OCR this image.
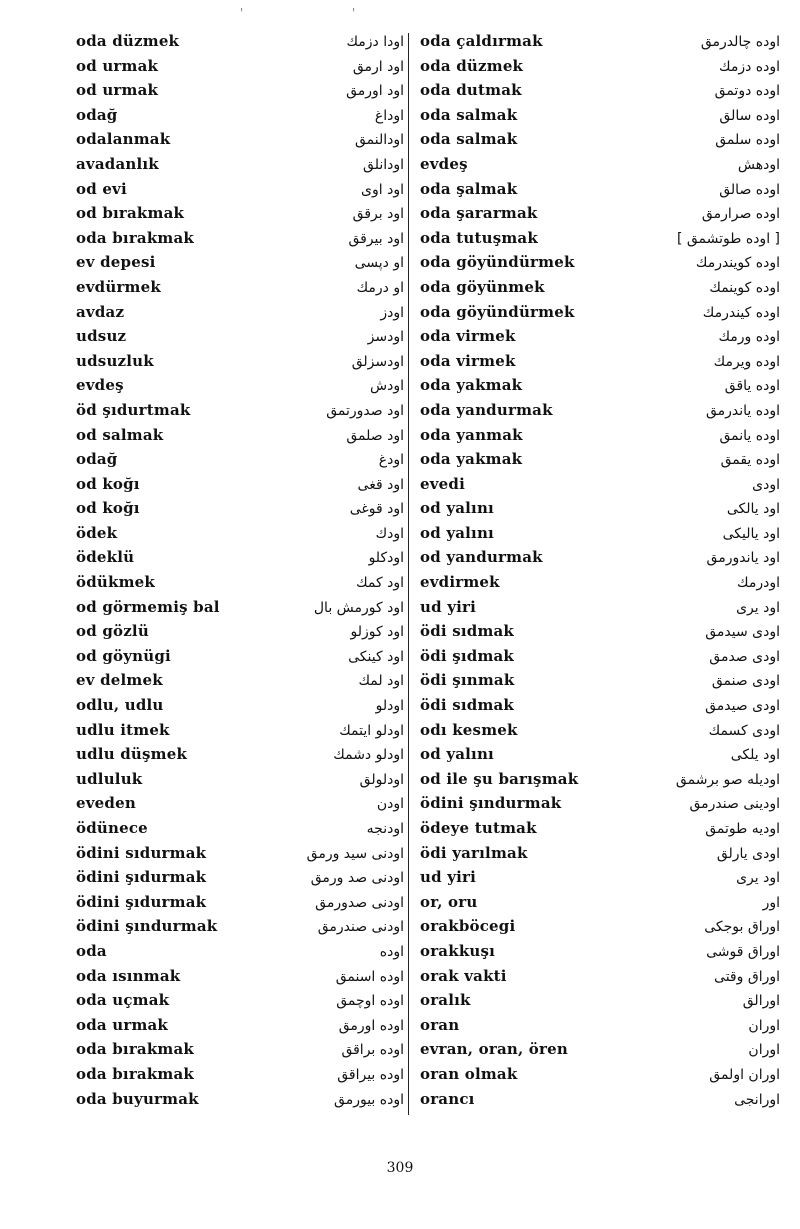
'	'
oda düzmek	اودا دزمك
od urmak	اود ارمق
od urmak	اود اورمق
odağ	اوداغ
odalanmak	اودالنمق
avadanlık	اودانلق
od evi	اود اوى
od bırakmak	اود برقق
oda bırakmak	اود بيرقق
ev depesi	او دپسى
evdürmek	او درمك
avdaz	اودز
udsuz	اودسز
udsuzluk	اودسزلق
evdeş	اودش
öd şıdurtmak	اود صدورتمق
od salmak	اود صلمق
odağ	اودغ
od koğı	اود قغى
od koğı	اود قوغى
ödek	اودك
ödeklü	اودكلو
ödükmek	اود كمك
od görmemiş bal	اود كورمش بال
od gözlü	اود كوزلو
od göynügi	اود كينكى
ev delmek	اود لمك
odlu, udlu	اودلو
udlu itmek	اودلو ايتمك
udlu düşmek	اودلو دشمك
udluluk	اودلولق
eveden	اودن
ödünece	اودنجه
ödini sıdurmak	اودنى سيد ورمق
ödini şıdurmak	اودنى صد ورمق
ödini şıdurmak	اودنى صدورمق
ödini şındurmak	اودنى صندرمق
oda	اوده
oda ısınmak	اوده اسنمق
oda uçmak	اوده اوچمق
oda urmak	اوده اورمق
oda bırakmak	اوده براقق
oda bırakmak	اوده بيراقق
oda buyurmak	اوده بيورمق
oda çaldırmak	اوده چالدرمق
oda düzmek	اوده دزمك
oda dutmak	اوده دوتمق
oda salmak	اوده سالق
oda salmak	اوده سلمق
evdeş	اودهش
oda şalmak	اوده صالق
oda şararmak	اوده صرارمق
oda tutuşmak	[ اوده طوتشمق ]
oda göyündürmek	اوده كويندرمك
oda göyünmek	اوده كوينمك
oda göyündürmek	اوده كيندرمك
oda virmek	اوده ورمك
oda virmek	اوده ويرمك
oda yakmak	اوده ياقق
oda yandurmak	اوده ياندرمق
oda yanmak	اوده يانمق
oda yakmak	اوده يقمق
evedi	اودى
od yalını	اود يالكى
od yalını	اود ياليكى
od yandurmak	اود ياندورمق
evdirmek	اودرمك
ud yiri	اود يرى
ödi sıdmak	اودى سيدمق
ödi şıdmak	اودى صدمق
ödi şınmak	اودى صنمق
ödi sıdmak	اودى صيدمق
odı kesmek	اودى كسمك
od yalını	اود يلكى
od ile şu barışmak	اوديله صو برشمق
ödini şındurmak	اودينى صندرمق
ödeye tutmak	اوديه طوتمق
ödi yarılmak	اودى يارلق
ud yiri	اود يرى
or, oru	اور
orakböcegi	اوراق بوجكى
orakkuşı	اوراق قوشى
orak vakti	اوراق وقتى
oralık	اورالق
oran	اوران
evran, oran, ören	اوران
oran olmak	اوران اولمق
orancı	اورانجى
309
